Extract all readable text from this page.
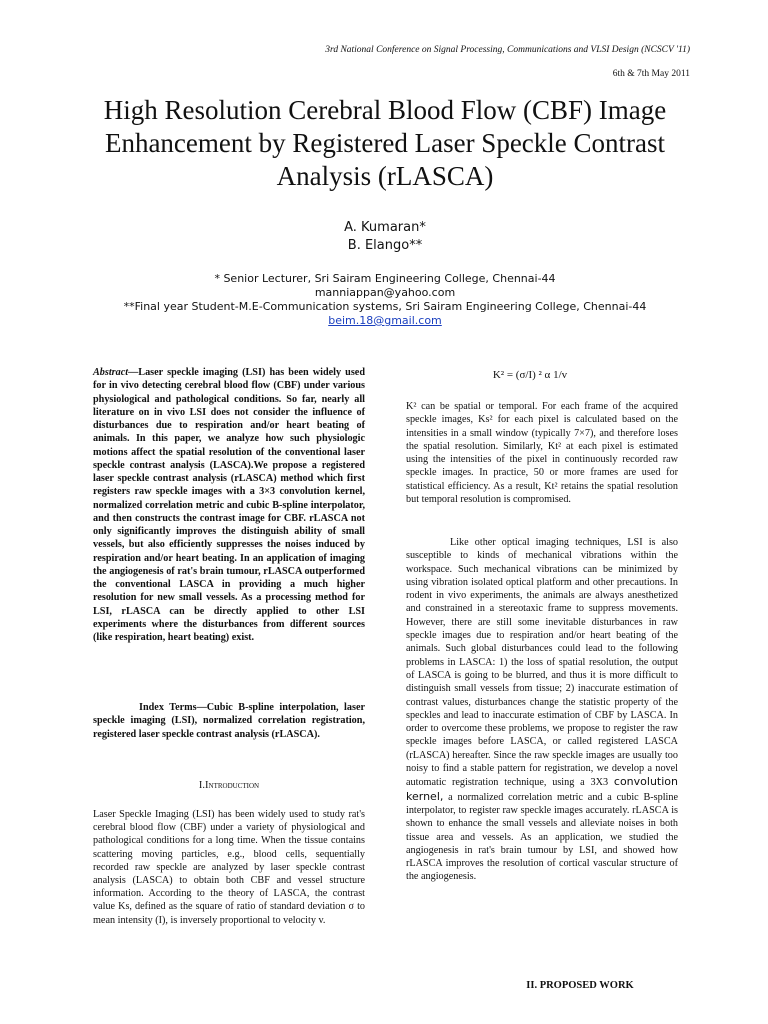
3rd National Conference on Signal Processing, Communications and VLSI Design (NCSCV '11)
6th & 7th May 2011
High Resolution Cerebral Blood Flow (CBF) Image Enhancement by Registered Laser Speckle Contrast Analysis (rLASCA)
A. Kumaran*
B. Elango**
* Senior Lecturer, Sri Sairam Engineering College, Chennai-44
manniappan@yahoo.com
**Final year Student-M.E-Communication systems, Sri Sairam Engineering College, Chennai-44
beim.18@gmail.com
Abstract—Laser speckle imaging (LSI) has been widely used for in vivo detecting cerebral blood flow (CBF) under various physiological and pathological conditions. So far, nearly all literature on in vivo LSI does not consider the influence of disturbances due to respiration and/or heart beating of animals. In this paper, we analyze how such physiologic motions affect the spatial resolution of the conventional laser speckle contrast analysis (LASCA).We propose a registered laser speckle contrast analysis (rLASCA) method which first registers raw speckle images with a 3×3 convolution kernel, normalized correlation metric and cubic B-spline interpolator, and then constructs the contrast image for CBF. rLASCA not only significantly improves the distinguish ability of small vessels, but also efficiently suppresses the noises induced by respiration and/or heart beating. In an application of imaging the angiogenesis of rat's brain tumour, rLASCA outperformed the conventional LASCA in providing a much higher resolution for new small vessels. As a processing method for LSI, rLASCA can be directly applied to other LSI experiments where the disturbances from different sources (like respiration, heart beating) exist.
Index Terms—Cubic B-spline interpolation, laser speckle imaging (LSI), normalized correlation registration, registered laser speckle contrast analysis (rLASCA).
I.Introduction
Laser Speckle Imaging (LSI) has been widely used to study rat's cerebral blood flow (CBF) under a variety of physiological and pathological conditions for a long time. When the tissue contains scattering moving particles, e.g., blood cells, sequentially recorded raw speckle are analyzed by laser speckle contrast analysis (LASCA) to obtain both CBF and vessel structure information. According to the theory of LASCA, the contrast value Ks, defined as the square of ratio of standard deviation σ to mean intensity (I), is inversely proportional to velocity v.
K² = (σ/I) ² α 1/v
K² can be spatial or temporal. For each frame of the acquired speckle images, Ks² for each pixel is calculated based on the intensities in a small window (typically 7×7), and therefore loses the spatial resolution. Similarly, Kt² at each pixel is estimated using the intensities of the pixel in continuously recorded raw speckle images. In practice, 50 or more frames are used for statistical efficiency. As a result, Kt² retains the spatial resolution but temporal resolution is compromised.
Like other optical imaging techniques, LSI is also susceptible to kinds of mechanical vibrations within the workspace. Such mechanical vibrations can be minimized by using vibration isolated optical platform and other precautions. In rodent in vivo experiments, the animals are always anesthetized and constrained in a stereotaxic frame to suppress movements. However, there are still some inevitable disturbances in raw speckle images due to respiration and/or heart beating of the animals. Such global disturbances could lead to the following problems in LASCA: 1) the loss of spatial resolution, the output of LASCA is going to be blurred, and thus it is more difficult to distinguish small vessels from tissue; 2) inaccurate estimation of contrast values, disturbances change the statistic property of the speckles and lead to inaccurate estimation of CBF by LASCA. In order to overcome these problems, we propose to register the raw speckle images before LASCA, or called registered LASCA (rLASCA) hereafter. Since the raw speckle images are usually too noisy to find a stable pattern for registration, we develop a novel automatic registration technique, using a 3X3 convolution kernel, a normalized correlation metric and a cubic B-spline interpolator, to register raw speckle images accurately. rLASCA is shown to enhance the small vessels and alleviate noises in both tissue area and vessels. As an application, we studied the angiogenesis in rat's brain tumour by LSI, and showed how rLASCA improves the resolution of cortical vascular structure of the angiogenesis.
II. PROPOSED WORK
